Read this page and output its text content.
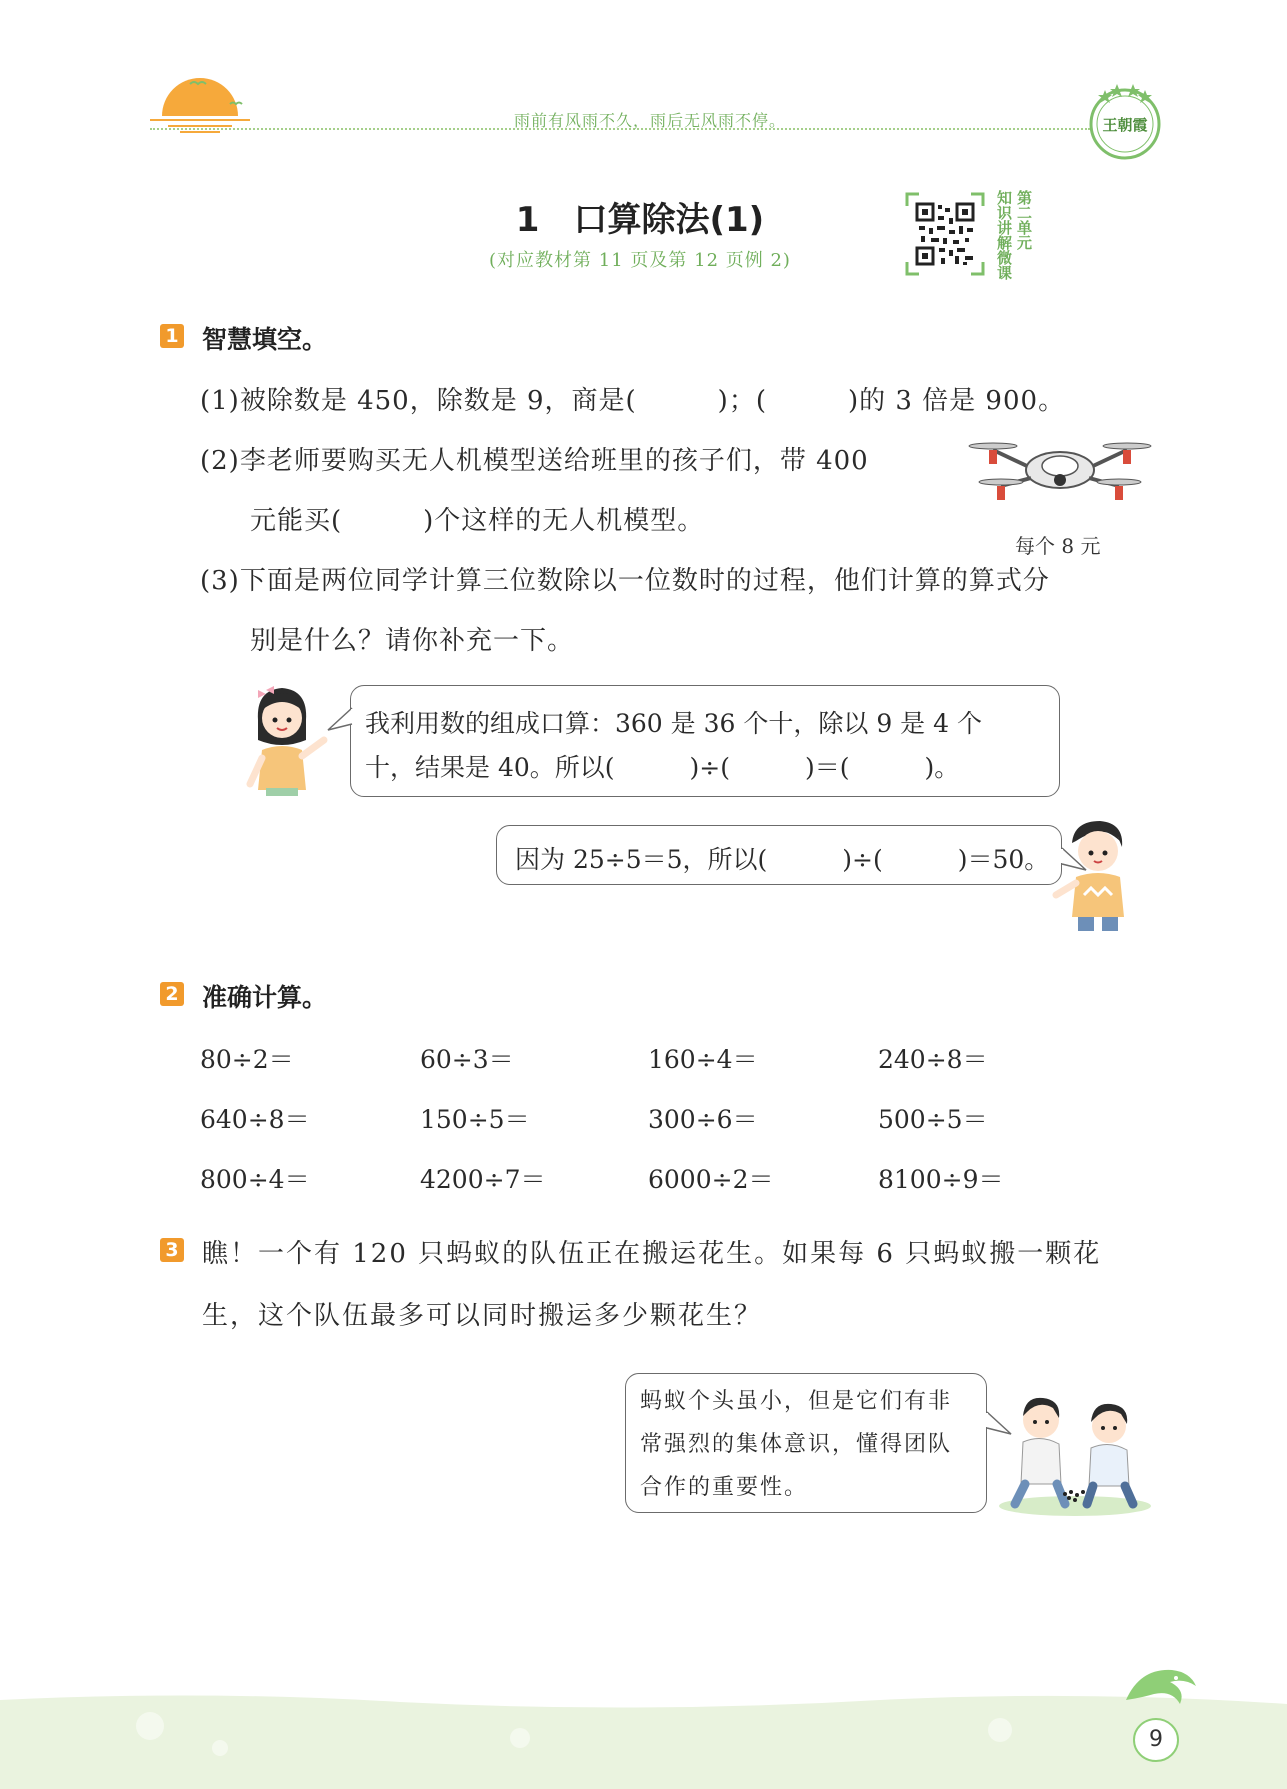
雨前有风雨不久，雨后无风雨不停。	王朝霞
1　口算除法(1)
(对应教材第 11 页及第 12 页例 2)	知识讲解微课 第二单元
1 智慧填空。
(1)被除数是 450，除数是 9，商是(　　　)；(　　　)的 3 倍是 900。
(2)李老师要购买无人机模型送给班里的孩子们，带 400
元能买(　　　)个这样的无人机模型。
每个 8 元
(3)下面是两位同学计算三位数除以一位数时的过程，他们计算的算式分
别是什么？请你补充一下。
我利用数的组成口算：360 是 36 个十，除以 9 是 4 个
十，结果是 40。所以(　　　)÷(　　　)＝(　　　)。
因为 25÷5＝5，所以(　　　)÷(　　　)＝50。
2 准确计算。
80÷2＝	60÷3＝	160÷4＝	240÷8＝
640÷8＝	150÷5＝	300÷6＝	500÷5＝
800÷4＝	4200÷7＝	6000÷2＝	8100÷9＝
3 瞧！一个有 120 只蚂蚁的队伍正在搬运花生。如果每 6 只蚂蚁搬一颗花
生，这个队伍最多可以同时搬运多少颗花生？
蚂蚁个头虽小，但是它们有非
常强烈的集体意识，懂得团队
合作的重要性。
9
